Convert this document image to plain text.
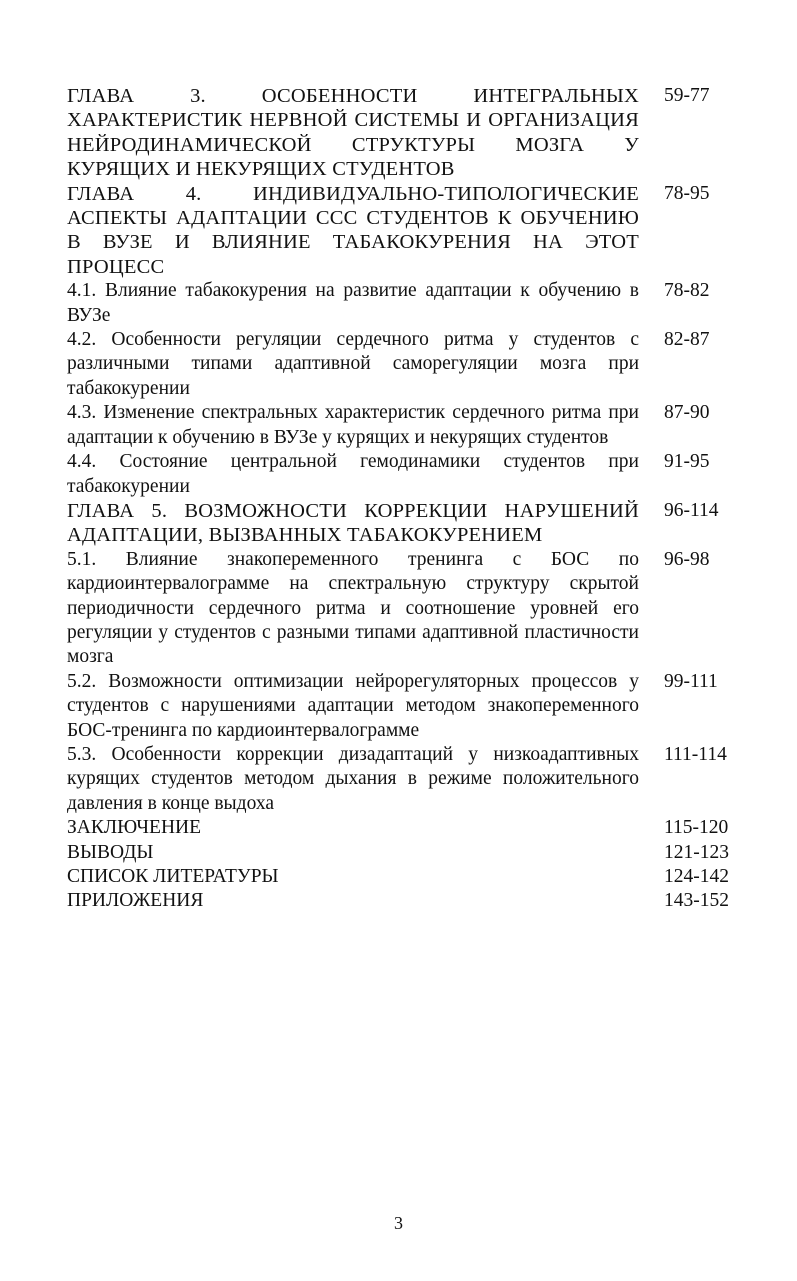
ГЛАВА 3. ОСОБЕННОСТИ ИНТЕГРАЛЬНЫХ ХАРАКТЕРИСТИК НЕРВНОЙ СИСТЕМЫ И ОРГАНИЗАЦИЯ НЕЙРОДИНАМИЧЕСКОЙ СТРУКТУРЫ МОЗГА У КУРЯЩИХ И НЕКУРЯЩИХ СТУДЕНТОВ
59-77
ГЛАВА 4. ИНДИВИДУАЛЬНО-ТИПОЛОГИЧЕСКИЕ АСПЕКТЫ АДАПТАЦИИ ССС СТУДЕНТОВ К ОБУЧЕНИЮ В ВУЗЕ И ВЛИЯНИЕ ТАБАКОКУРЕНИЯ НА ЭТОТ ПРОЦЕСС
78-95
4.1. Влияние табакокурения на развитие адаптации к обучению в ВУЗе
78-82
4.2. Особенности регуляции сердечного ритма у студентов с различными типами адаптивной саморегуляции мозга при табакокурении
82-87
4.3. Изменение спектральных характеристик сердечного ритма при адаптации к обучению в ВУЗе у курящих и некурящих студентов
87-90
4.4. Состояние центральной гемодинамики студентов при табакокурении
91-95
ГЛАВА 5. ВОЗМОЖНОСТИ КОРРЕКЦИИ НАРУШЕНИЙ АДАПТАЦИИ, ВЫЗВАННЫХ ТАБАКОКУРЕНИЕМ
96-114
5.1. Влияние знакопеременного тренинга с БОС по кардиоинтервалограмме на спектральную структуру скрытой периодичности сердечного ритма и соотношение уровней его регуляции у студентов с разными типами адаптивной пластичности мозга
96-98
5.2. Возможности оптимизации нейрорегуляторных процессов у студентов с нарушениями адаптации методом знакопеременного БОС-тренинга по кардиоинтервалограмме
99-111
5.3. Особенности коррекции дизадаптаций у низкоадаптивных курящих студентов методом дыхания в режиме положительного давления в конце выдоха
111-114
ЗАКЛЮЧЕНИЕ	115-120
ВЫВОДЫ	121-123
СПИСОК ЛИТЕРАТУРЫ	124-142
ПРИЛОЖЕНИЯ	143-152
3
